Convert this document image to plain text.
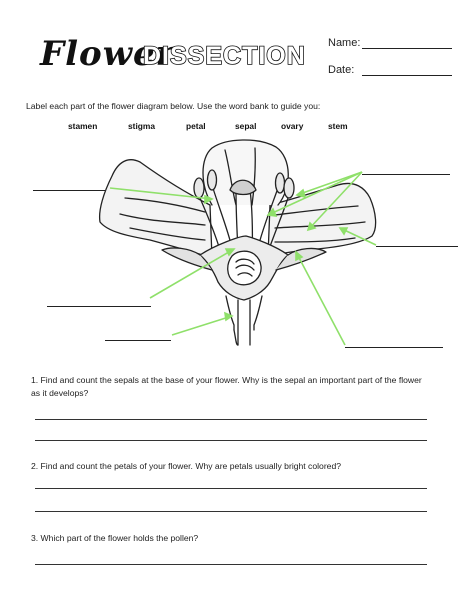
Flower
DISSECTION Name:
Date:
Label each part of the flower diagram below. Use the word bank to guide you:
stamen	stigma	petal	sepal	ovary	stem
1. Find and count the sepals at the base of your flower. Why is the sepal an important part of the flower as it develops?
2. Find and count the petals of your flower. Why are petals usually bright colored?
3. Which part of the flower holds the pollen?
